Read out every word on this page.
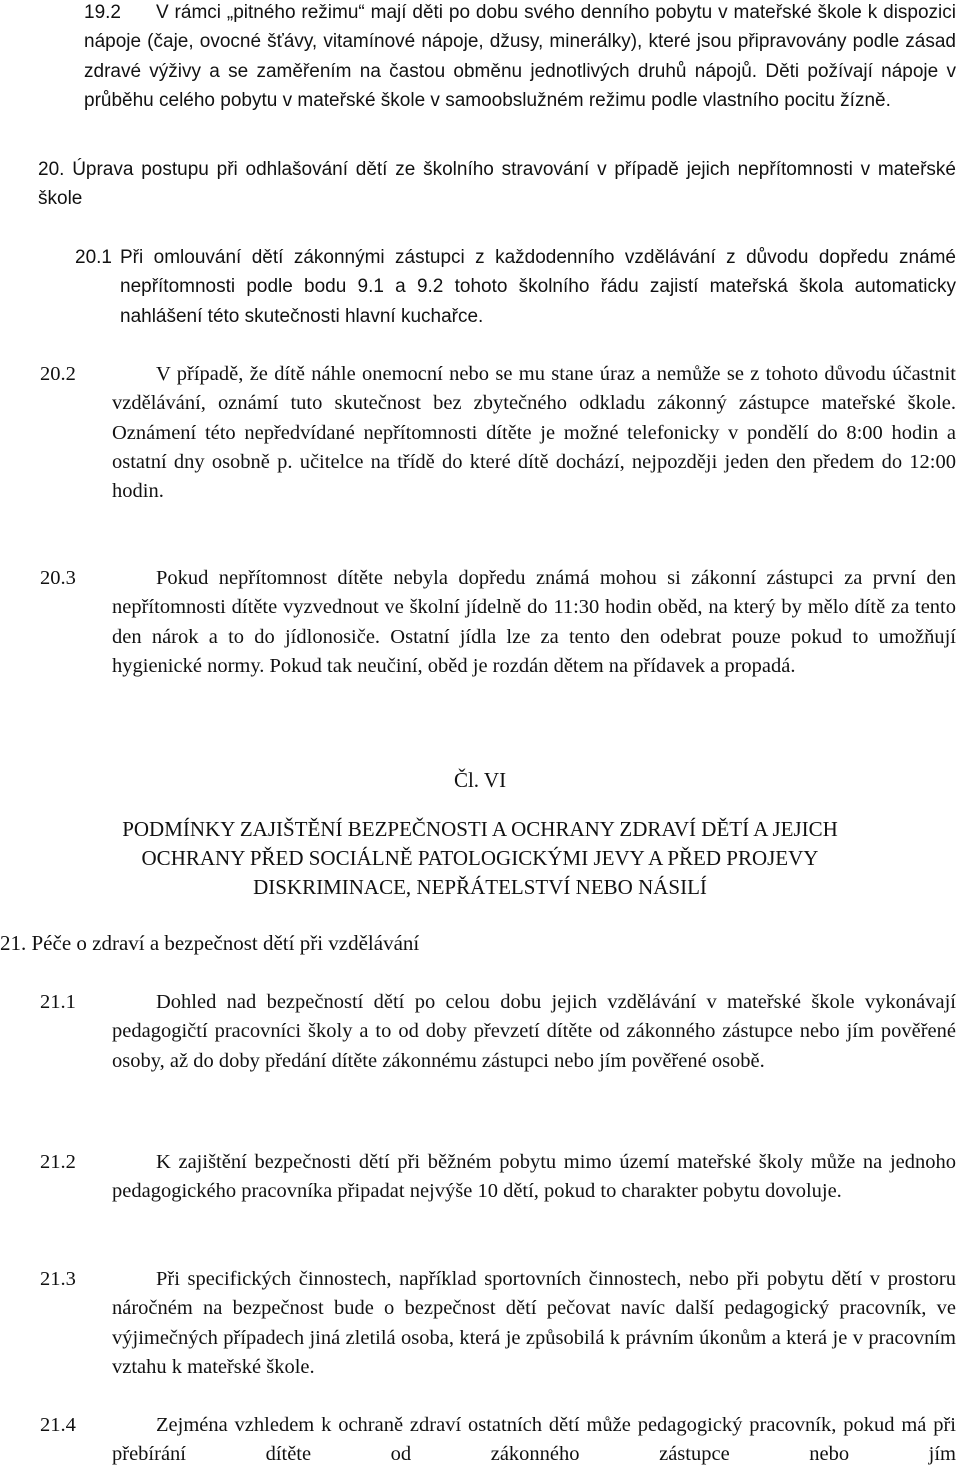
19.2 V rámci „pitného režimu“ mají děti po dobu svého denního pobytu v mateřské škole k dispozici nápoje (čaje, ovocné šťávy, vitamínové nápoje, džusy, minerálky), které jsou připravovány podle zásad zdravé výživy a se zaměřením na častou obměnu jednotlivých druhů nápojů. Děti požívají nápoje v průběhu celého pobytu v mateřské škole v samoobslužném režimu podle vlastního pocitu žízně.
20. Úprava postupu při odhlašování dětí ze školního stravování v případě jejich nepřítomnosti v mateřské škole
20.1 Při omlouvání dětí zákonnými zástupci z každodenního vzdělávání z důvodu dopředu známé nepřítomnosti podle bodu 9.1 a 9.2 tohoto školního řádu zajistí mateřská škola automaticky nahlášení této skutečnosti hlavní kuchařce.
20.2	V případě, že dítě náhle onemocní nebo se mu stane úraz a nemůže se z tohoto důvodu účastnit vzdělávání, oznámí tuto skutečnost bez zbytečného odkladu zákonný zástupce mateřské škole. Oznámení této nepředvídané nepřítomnosti dítěte je možné telefonicky v pondělí do 8:00 hodin a ostatní dny osobně p. učitelce na třídě do které dítě dochází, nejpozději jeden den předem do 12:00 hodin.
20.3	Pokud nepřítomnost dítěte nebyla dopředu známá mohou si zákonní zástupci za první den nepřítomnosti dítěte vyzvednout ve školní jídelně do 11:30 hodin oběd, na který by mělo dítě za tento den nárok a to do jídlonosiče. Ostatní jídla lze za tento den odebrat pouze pokud to umožňují hygienické normy. Pokud tak neučiní, oběd je rozdán dětem na přídavek a propadá.
Čl. VI
PODMÍNKY ZAJIŠTĚNÍ BEZPEČNOSTI A OCHRANY ZDRAVÍ DĚTÍ A JEJICH
OCHRANY PŘED SOCIÁLNĚ PATOLOGICKÝMI JEVY A PŘED PROJEVY
DISKRIMINACE, NEPŘÁTELSTVÍ NEBO NÁSILÍ
21. Péče o zdraví a bezpečnost dětí při vzdělávání
21.1	Dohled nad bezpečností dětí po celou dobu jejich vzdělávání v mateřské škole vykonávají pedagogičtí pracovníci školy a to od doby převzetí dítěte od zákonného zástupce nebo jím pověřené osoby, až do doby předání dítěte zákonnému zástupci nebo jím pověřené osobě.
21.2	K zajištění bezpečnosti dětí při běžném pobytu mimo území mateřské školy může na jednoho pedagogického pracovníka připadat nejvýše 10 dětí, pokud to charakter pobytu dovoluje.
21.3	Při specifických činnostech, například sportovních činnostech, nebo při pobytu dětí v prostoru náročném na bezpečnost bude o bezpečnost dětí pečovat navíc další pedagogický pracovník, ve výjimečných případech jiná zletilá osoba, která je způsobilá k právním úkonům a která je v pracovním vztahu k mateřské škole.
21.4	Zejména vzhledem k ochraně zdraví ostatních dětí může pedagogický pracovník, pokud má při přebírání dítěte od zákonného zástupce nebo jím
